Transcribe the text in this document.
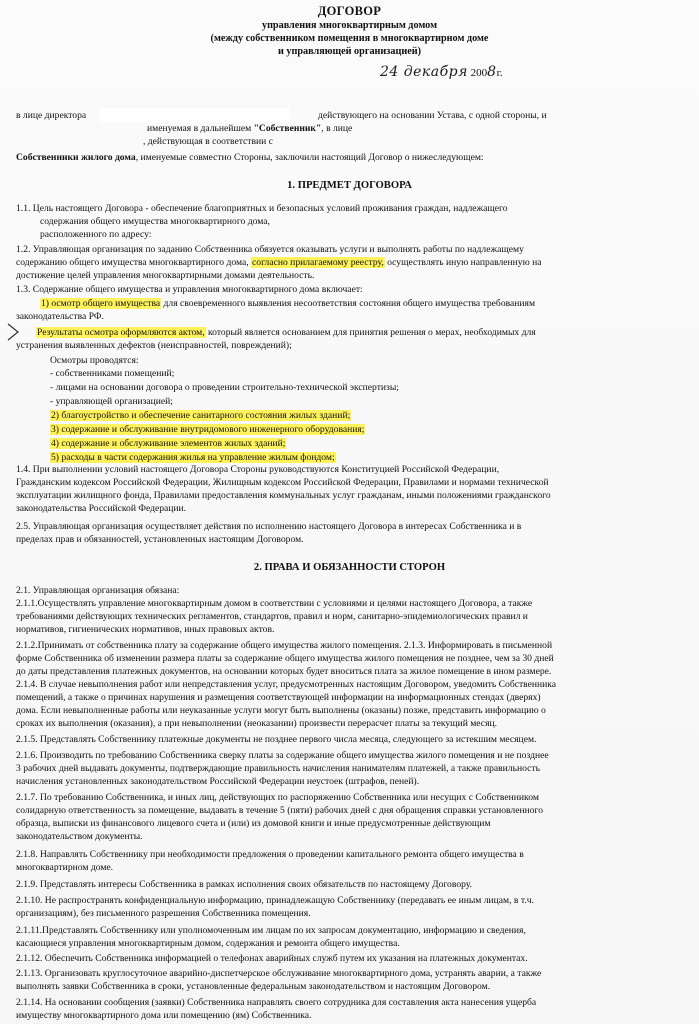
ДОГОВОР
управления многоквартирным домом
(между собственником помещения в многоквартирном доме
и управляющей организацией)
24 декабря 2008г.
в лице директора	действующего на основании Устава, с одной стороны, и
именуемая в дальнейшем "Собственник", в лице
, действующая в соответствии с
Собственники жилого дома, именуемые совместно Стороны, заключили настоящий Договор о нижеследующем:
1. ПРЕДМЕТ ДОГОВОРА
1.1. Цель настоящего Договора - обеспечение благоприятных и безопасных условий проживания граждан, надлежащего
содержания общего имущества многоквартирного дома,
расположенного по адресу:
1.2. Управляющая организация по заданию Собственника обязуется оказывать услуги и выполнять работы по надлежащему
содержанию общего имущества многоквартирного дома, согласно прилагаемому реестру, осуществлять иную направленную на
достижение целей управления многоквартирными домами деятельность.
1.3. Содержание общего имущества и управления многоквартирного дома включает:
1) осмотр общего имущества для своевременного выявления несоответствия состояния общего имущества требованиям
законодательства РФ.
Результаты осмотра оформляются актом, который является основанием для принятия решения о мерах, необходимых для
устранения выявленных дефектов (неисправностей, повреждений);
Осмотры проводятся:
- собственниками помещений;
- лицами на основании договора о проведении строительно-технической экспертизы;
- управляющей организацией;
2) благоустройство и обеспечение санитарного состояния жилых зданий;
3) содержание и обслуживание внутридомового инженерного оборудования;
4) содержание и обслуживание элементов жилых зданий;
5) расходы в части содержания жилья на управление жилым фондом;
1.4. При выполнении условий настоящего Договора Стороны руководствуются Конституцией Российской Федерации,
Гражданским кодексом Российской Федерации, Жилищным кодексом Российской Федерации, Правилами и нормами технической
эксплуатации жилищного фонда, Правилами предоставления коммунальных услуг гражданам, иными положениями гражданского
законодательства Российской Федерации.
2.5. Управляющая организация осуществляет действия по исполнению настоящего Договора в интересах Собственника и в
пределах прав и обязанностей, установленных настоящим Договором.
2. ПРАВА И ОБЯЗАННОСТИ СТОРОН
2.1. Управляющая организация обязана:
2.1.1.Осуществлять управление многоквартирным домом в соответствии с условиями и целями настоящего Договора, а также
требованиями действующих технических регламентов, стандартов, правил и норм, санитарно-эпидемиологических правил и
нормативов, гигиенических нормативов, иных правовых актов.
2.1.2.Принимать от собственника плату за содержание общего имущества жилого помещения. 2.1.3. Информировать в письменной
форме Собственника об изменении размера платы за содержание общего имущества жилого помещения не позднее, чем за 30 дней
до даты представления платежных документов, на основании которых будет вноситься плата за жилое помещение в ином размере.
2.1.4. В случае невыполнения работ или непредставления услуг, предусмотренных настоящим Договором, уведомить Собственника
помещений, а также о причинах нарушения и размещения соответствующей информации на информационных стендах (дверях)
дома. Если невыполненные работы или неуказанные услуги могут быть выполнены (оказаны) позже, представить информацию о
сроках их выполнения (оказания), а при невыполнении (неоказании) произвести перерасчет платы за текущий месяц.
2.1.5. Представлять Собственнику платежные документы не позднее первого числа месяца, следующего за истекшим месяцем.
2.1.6. Производить по требованию Собственника сверку платы за содержание общего имущества жилого помещения и не позднее
3 рабочих дней выдавать документы, подтверждающие правильность начисления нанимателям платежей, а также правильность
начисления установленных законодательством Российской Федерации неустоек (штрафов, пеней).
2.1.7. По требованию Собственника, и иных лиц, действующих по распоряжению Собственника или несущих с Собственником
солидарную ответственность за помещение, выдавать в течение 5 (пяти) рабочих дней с дня обращения справки установленного
образца, выписки из финансового лицевого счета и (или) из домовой книги и иные предусмотренные действующим
законодательством документы.
2.1.8. Направлять Собственнику при необходимости предложения о проведении капитального ремонта общего имущества в
многоквартирном доме.
2.1.9. Представлять интересы Собственника в рамках исполнения своих обязательств по настоящему Договору.
2.1.10. Не распространять конфиденциальную информацию, принадлежащую Собственнику (передавать ее иным лицам, в т.ч.
организациям), без письменного разрешения Собственника помещения.
2.1.11.Представлять Собственнику или уполномоченным им лицам по их запросам документацию, информацию и сведения,
касающиеся управления многоквартирным домом, содержания и ремонта общего имущества.
2.1.12. Обеспечить Собственника информацией о телефонах аварийных служб путем их указания на платежных документах.
2.1.13. Организовать круглосуточное аварийно-диспетчерское обслуживание многоквартирного дома, устранять аварии, а также
выполнять заявки Собственника в сроки, установленные федеральным законодательством и настоящим Договором.
2.1.14. На основании сообщения (заявки) Собственника направлять своего сотрудника для составления акта нанесения ущерба
имуществу многоквартирного дома или помещению (ям) Собственника.
